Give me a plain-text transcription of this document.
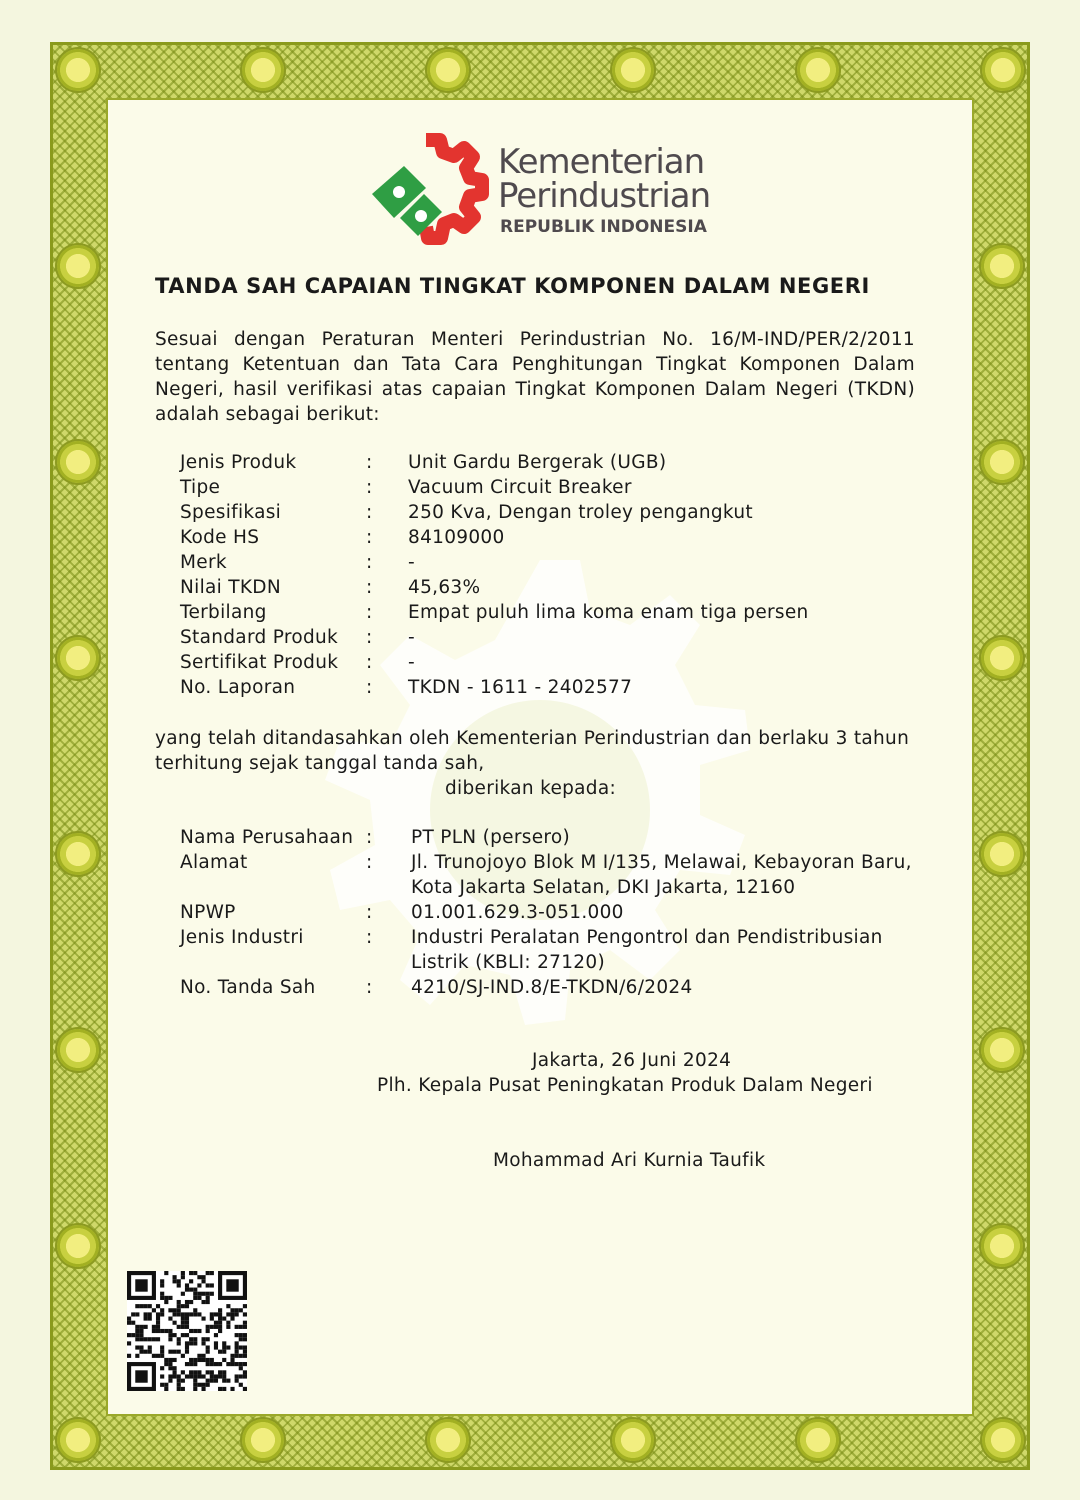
Kementerian
Perindustrian
REPUBLIK INDONESIA
TANDA SAH CAPAIAN TINGKAT KOMPONEN DALAM NEGERI
Sesuai dengan Peraturan Menteri Perindustrian No. 16/M-IND/PER/2/2011 tentang Ketentuan dan Tata Cara Penghitungan Tingkat Komponen Dalam Negeri, hasil verifikasi atas capaian Tingkat Komponen Dalam Negeri (TKDN) adalah sebagai berikut:
Jenis Produk	:	Unit Gardu Bergerak (UGB)
Tipe	:	Vacuum Circuit Breaker
Spesifikasi	:	250 Kva, Dengan troley pengangkut
Kode HS	:	84109000
Merk	:	-
Nilai TKDN	:	45,63%
Terbilang	:	Empat puluh lima koma enam tiga persen
Standard Produk	:	-
Sertifikat Produk	:	-
No. Laporan	:	TKDN - 1611 - 2402577
yang telah ditandasahkan oleh Kementerian Perindustrian dan berlaku 3 tahun terhitung sejak tanggal tanda sah,
diberikan kepada:
Nama Perusahaan	:	PT PLN (persero)
Alamat	:	Jl. Trunojoyo Blok M I/135, Melawai, Kebayoran Baru, Kota Jakarta Selatan, DKI Jakarta, 12160
NPWP	:	01.001.629.3-051.000
Jenis Industri	:	Industri Peralatan Pengontrol dan Pendistribusian Listrik (KBLI: 27120)
No. Tanda Sah	:	4210/SJ-IND.8/E-TKDN/6/2024
Jakarta, 26 Juni 2024
Plh. Kepala Pusat Peningkatan Produk Dalam Negeri
Mohammad Ari Kurnia Taufik
